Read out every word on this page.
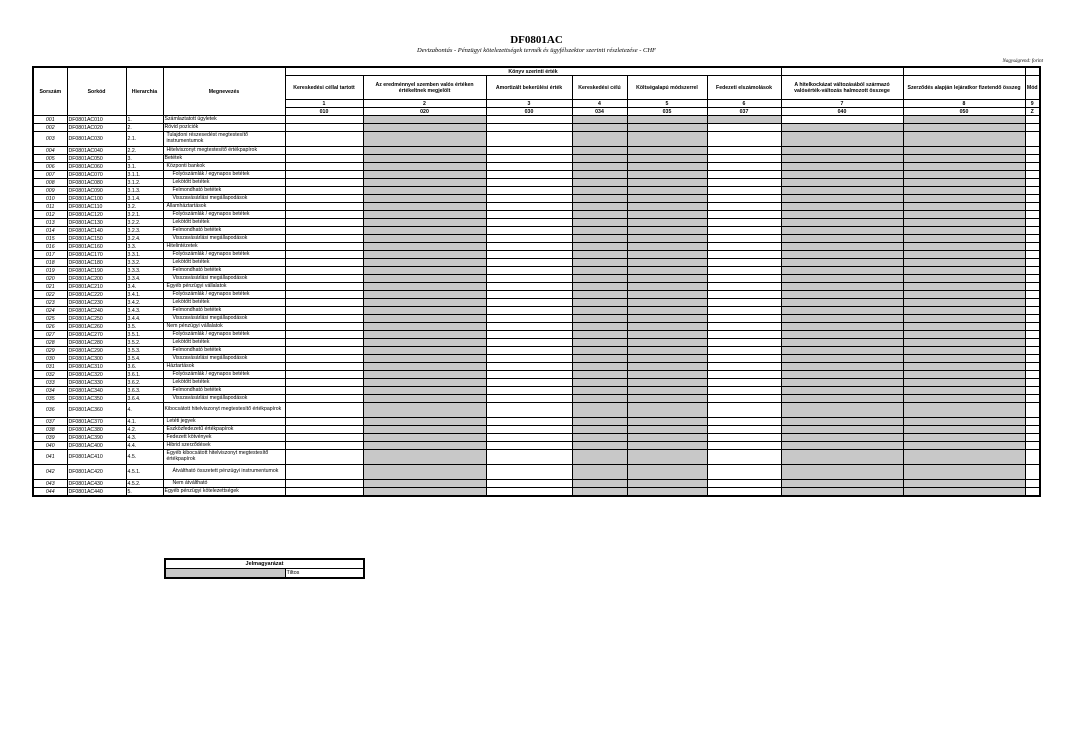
DF0801AC
Devizabontás - Pénzügyi kötelezettségek termék és ügyfélszektor szerinti részletezése - CHF
Nagyságrend: forint
Sorszám	Sorkód	Hierarchia	Megnevezés	Könyv szerinti érték								
				Kereskedési céllal tartott	Az eredménnyel szemben valós értéken értékeltnek megjelölt	Amortizált bekerülési érték	Kereskedési célú	Költségalapú módszerrel	Fedezeti elszámolások	A hitelkockázat változásából származó valósérték-változás halmozott összege	Szerződés alapján lejáratkor fizetendő összeg	Mód
				1	2	3	4	5	6	7	8	9
				010	020	030	034	035	037	040	050	Z
001	DF0801AC010	1.	Számlaztatott ügyletek									
002	DF0801AC020	2.	Rövid pozíciók									
003	DF0801AC030	2.1.	Tulajdoni részesedést megtestesítő instrumentumok									
004	DF0801AC040	2.2.	Hitelviszonyt megtestesítő értékpapírok									
005	DF0801AC050	3.	Betétek									
006	DF0801AC060	3.1.	Központi bankok									
007	DF0801AC070	3.1.1.	Folyószámlák / egynapos betétek									
008	DF0801AC080	3.1.2.	Lekötött betétek									
009	DF0801AC090	3.1.3.	Felmondható betétek									
010	DF0801AC100	3.1.4.	Visszavásárlási megállapodások									
011	DF0801AC110	3.2.	Államháztartások									
012	DF0801AC120	3.2.1.	Folyószámlák / egynapos betétek									
013	DF0801AC130	3.2.2.	Lekötött betétek									
014	DF0801AC140	3.2.3.	Felmondható betétek									
015	DF0801AC150	3.2.4.	Visszavásárlási megállapodások									
016	DF0801AC160	3.3.	Hitelintézetek									
017	DF0801AC170	3.3.1.	Folyószámlák / egynapos betétek									
018	DF0801AC180	3.3.2.	Lekötött betétek									
019	DF0801AC190	3.3.3.	Felmondható betétek									
020	DF0801AC200	3.3.4.	Visszavásárlási megállapodások									
021	DF0801AC210	3.4.	Egyéb pénzügyi vállalatok									
022	DF0801AC220	3.4.1.	Folyószámlák / egynapos betétek									
023	DF0801AC230	3.4.2.	Lekötött betétek									
024	DF0801AC240	3.4.3.	Felmondható betétek									
025	DF0801AC250	3.4.4.	Visszavásárlási megállapodások									
026	DF0801AC260	3.5.	Nem pénzügyi vállalatok									
027	DF0801AC270	3.5.1.	Folyószámlák / egynapos betétek									
028	DF0801AC280	3.5.2.	Lekötött betétek									
029	DF0801AC290	3.5.3.	Felmondható betétek									
030	DF0801AC300	3.5.4.	Visszavásárlási megállapodások									
031	DF0801AC310	3.6.	Háztartások									
032	DF0801AC320	3.6.1.	Folyószámlák / egynapos betétek									
033	DF0801AC330	3.6.2.	Lekötött betétek									
034	DF0801AC340	3.6.3.	Felmondható betétek									
035	DF0801AC350	3.6.4.	Visszavásárlási megállapodások									
036	DF0801AC360	4.	Kibocsátott hitelviszonyt megtestesítő értékpapírok									
037	DF0801AC370	4.1.	Letéti jegyek									
038	DF0801AC380	4.2.	Eszközfedezetű értékpapírok									
039	DF0801AC390	4.3.	Fedezett kötvények									
040	DF0801AC400	4.4.	Hibrid szerződések									
041	DF0801AC410	4.5.	Egyéb kibocsátott hitelviszonyt megtestesítő értékpapírok									
042	DF0801AC420	4.5.1.	Átváltható összetett pénzügyi instrumentumok									
043	DF0801AC430	4.5.2.	Nem átváltható									
044	DF0801AC440	5.	Egyéb pénzügyi kötelezettségek									
Jelmagyarázat
	Tiltos
